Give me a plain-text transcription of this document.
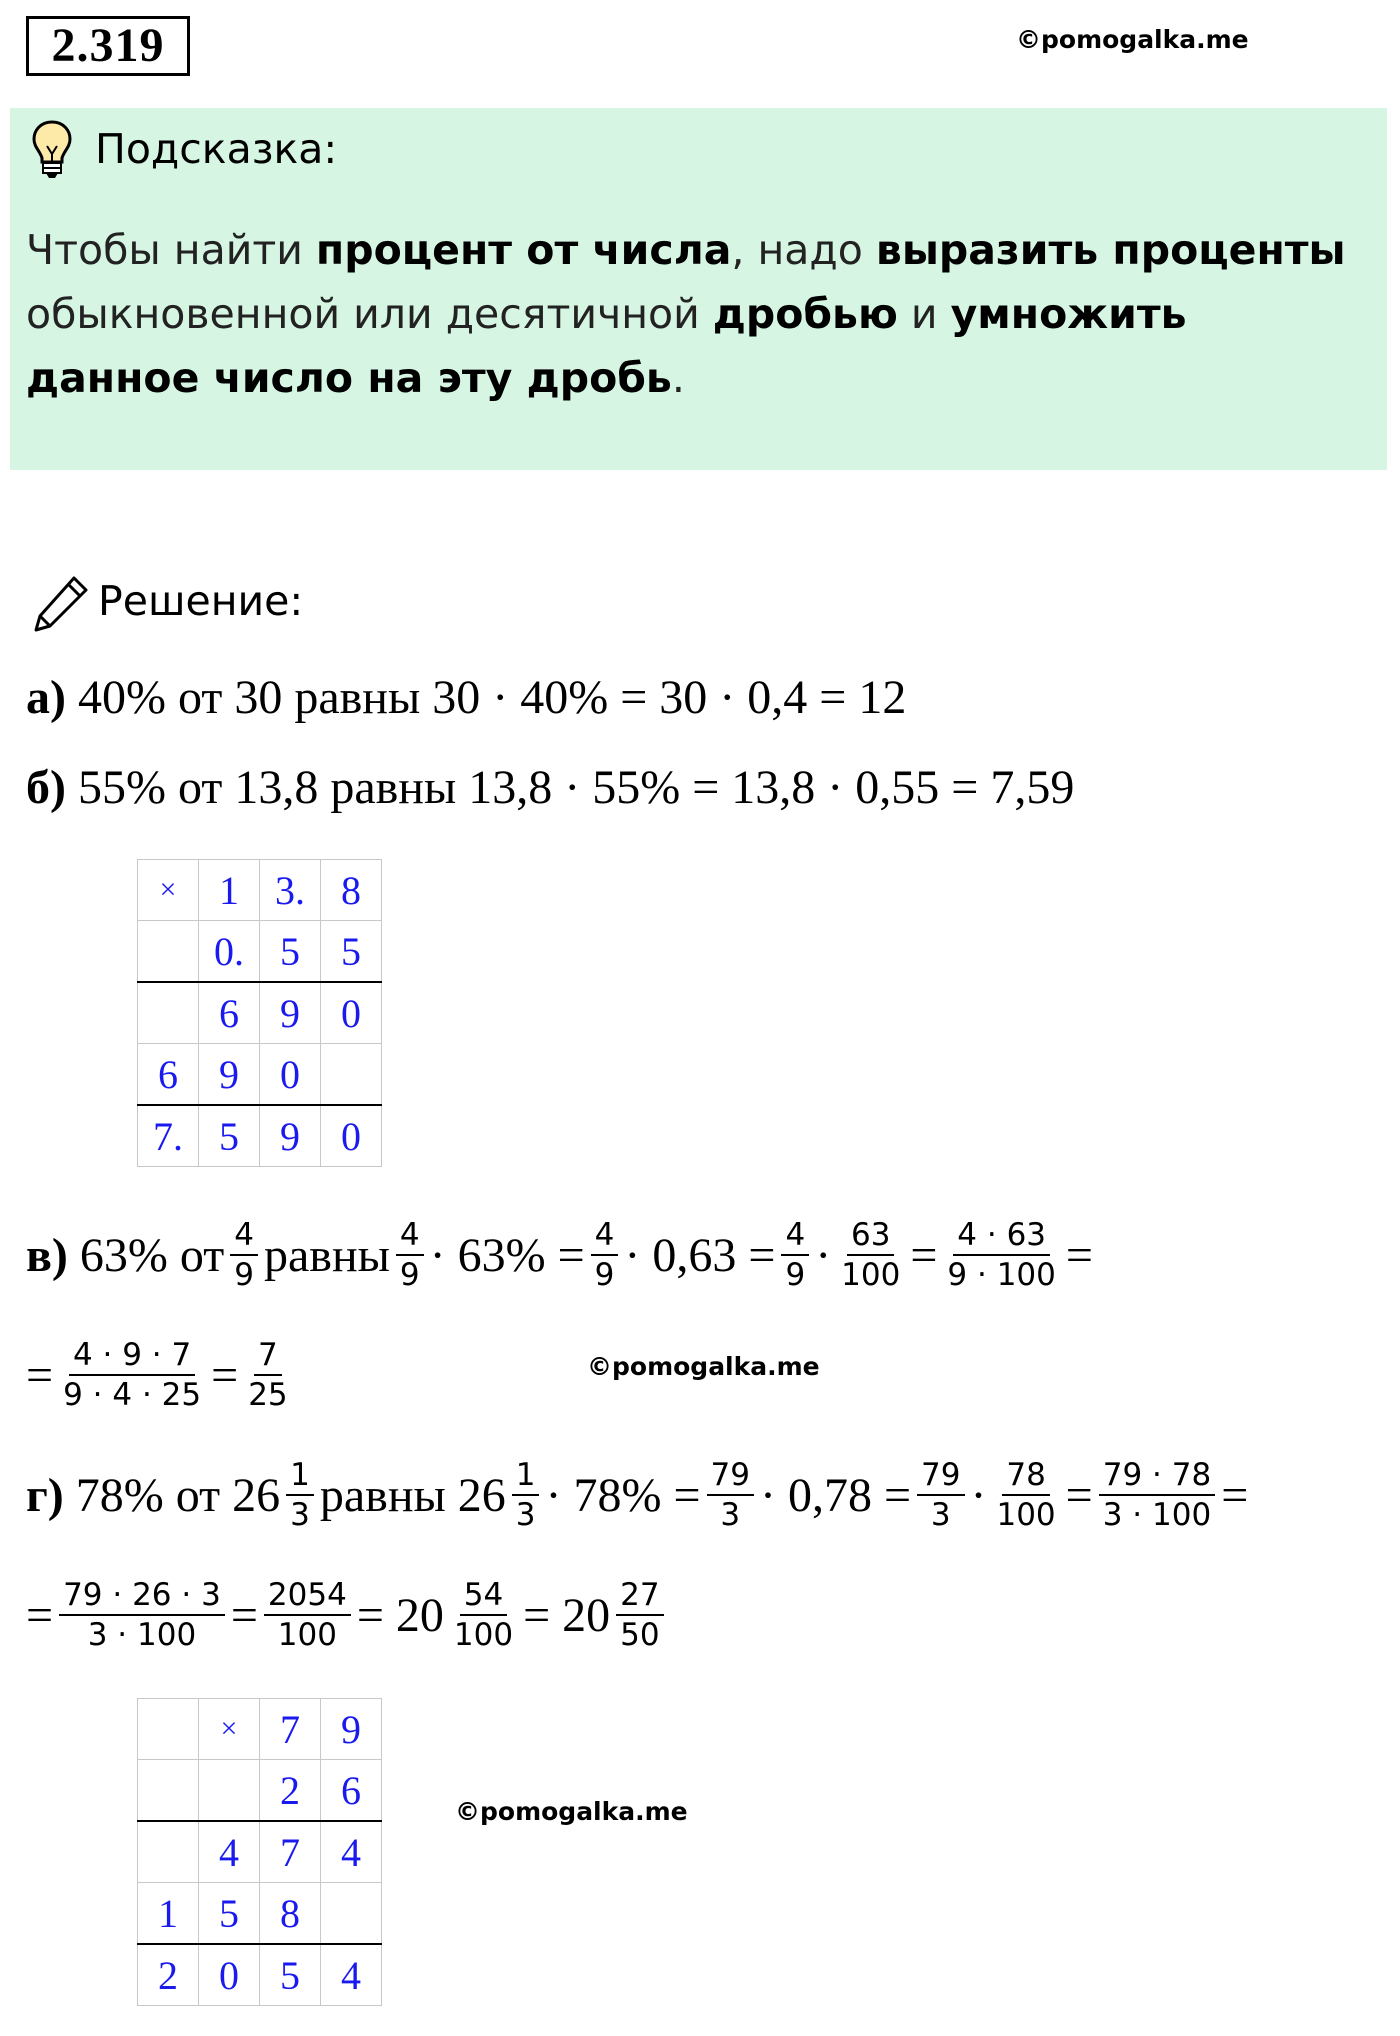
2.319	©pomogalka.me
Подсказка:
Чтобы найти процент от числа, надо выразить проценты обыкновенной или десятичной дробью и умножить данное число на эту дробь.
Решение:
а) 40% от 30 равны 30 · 40% = 30 · 0,4 = 12
б) 55% от 13,8 равны 13,8 · 55% = 13,8 · 0,55 = 7,59
×	1	3.	8
	0.	5	5
	6	9	0
6	9	0	
7.	5	9	0
в) 63% от $\frac{4}{9}$ равны $\frac{4}{9} \cdot 63\% = \frac{4}{9} \cdot 0,63 = \frac{4}{9} \cdot \frac{63}{100} = \frac{4 \cdot 63}{9 \cdot 100}$ =
= $\frac{4 \cdot 9 \cdot 7}{9 \cdot 4 \cdot 25} = \frac{7}{25}$	©pomogalka.me
г) 78% от $26 \frac{1}{3}$ равны $26 \frac{1}{3} \cdot 78\% = \frac{79}{3} \cdot 0,78 = \frac{79}{3} \cdot \frac{78}{100} = \frac{79 \cdot 78}{3 \cdot 100}$ =
= $\frac{79 \cdot 26 \cdot 3}{3 \cdot 100} = \frac{2054}{100} = 20 \frac{54}{100} = 20 \frac{27}{50}$
	×	7	9
		2	6
	4	7	4
1	5	8	
2	0	5	4
©pomogalka.me
